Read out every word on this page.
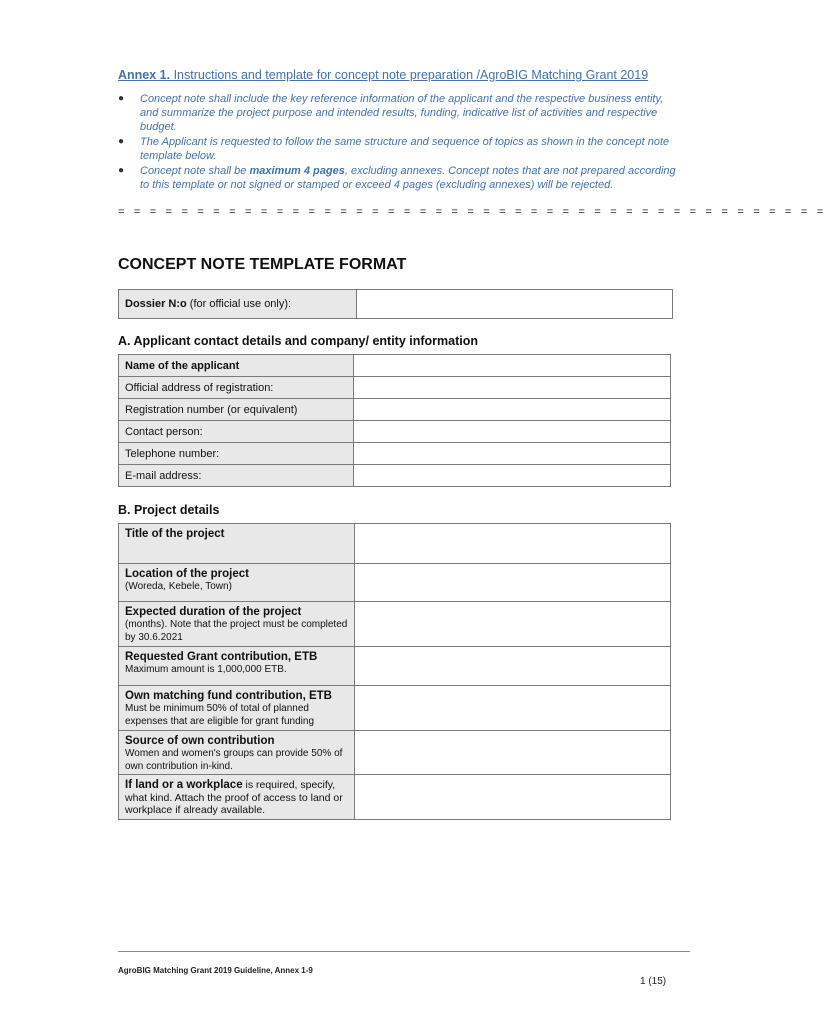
Annex 1. Instructions and template for concept note preparation /AgroBIG Matching Grant 2019
● Concept note shall include the key reference information of the applicant and the respective business entity, and summarize the project purpose and intended results, funding, indicative list of activities and respective budget.
● The Applicant is requested to follow the same structure and sequence of topics as shown in the concept note template below.
● Concept note shall be maximum 4 pages, excluding annexes. Concept notes that are not prepared according to this template or not signed or stamped or exceed 4 pages (excluding annexes) will be rejected.
= = = = = = = = = = = = = = = = = = = = = = = = = = = = = = = = = = = = = = = = = = = = =
CONCEPT NOTE TEMPLATE FORMAT
Dossier N:o (for official use only):	
A. Applicant contact details and company/ entity information
Name of the applicant	
Official address of registration:	
Registration number (or equivalent)	
Contact person:	
Telephone number:	
E-mail address:	
B. Project details
Title of the project	

Location of the project
(Woreda, Kebele, Town)	

Expected duration of the project
(months). Note that the project must be completed by 30.6.2021	

Requested Grant contribution, ETB
Maximum amount is 1,000,000 ETB.	

Own matching fund contribution, ETB
Must be minimum 50% of total of planned expenses that are eligible for grant funding	

Source of own contribution
Women and women's groups can provide 50% of own contribution in-kind.	

If land or a workplace is required, specify, what kind. Attach the proof of access to land or workplace if already available.	
AgroBIG Matching Grant 2019 Guideline, Annex 1-9
1 (15)
